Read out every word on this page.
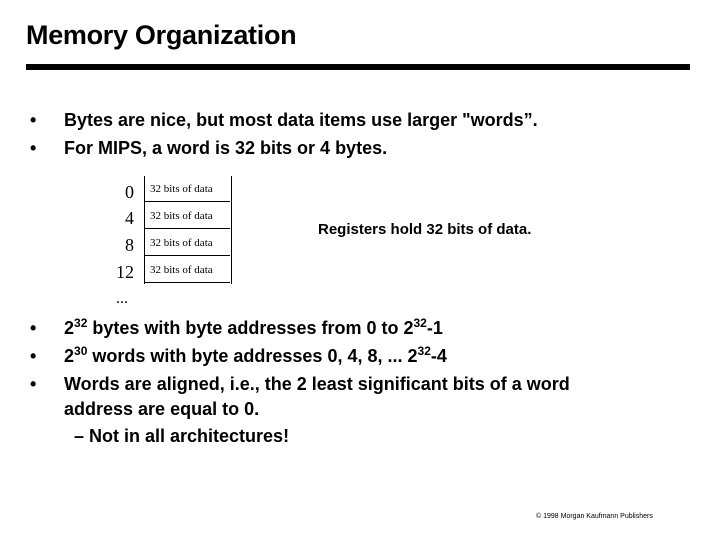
Memory Organization
• Bytes are nice, but most data items use larger "words”.
• For MIPS, a word is 32 bits or 4 bytes.
0	32 bits of data
4	32 bits of data
8	32 bits of data
12	32 bits of data
...
Registers hold 32 bits of data.
• $2^{32}$ bytes with byte addresses from 0 to $2^{32}-1$
• $2^{30}$ words with byte addresses 0, 4, 8, ... $2^{32}-4$
• Words are aligned, i.e., the 2 least significant bits of a word
address are equal to 0.
– Not in all architectures!
© 1998 Morgan Kaufmann Publishers
